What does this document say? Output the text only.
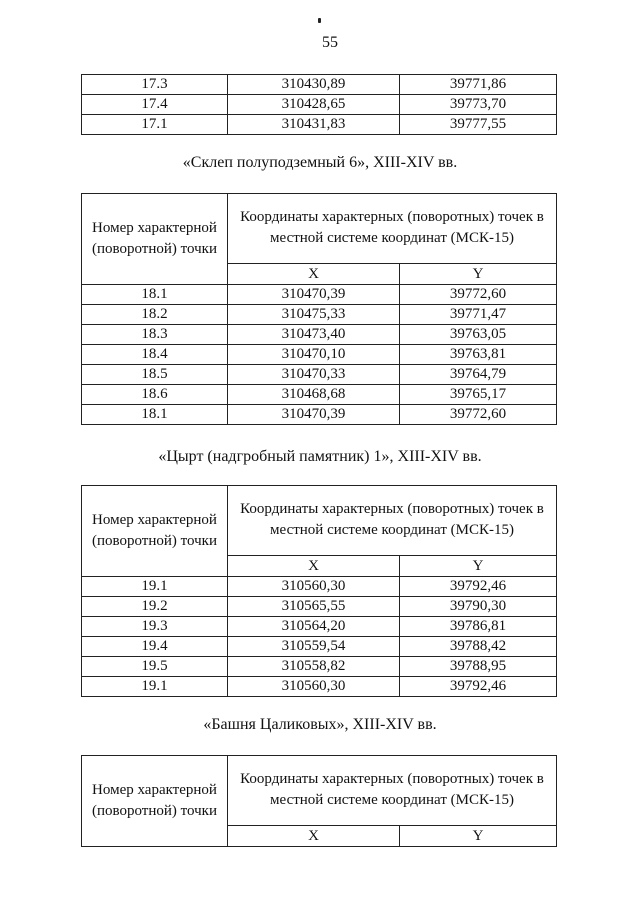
55
17.3	310430,89	39771,86
17.4	310428,65	39773,70
17.1	310431,83	39777,55
«Склеп полуподземный 6», XIII-XIV вв.
Номер характерной (поворотной) точки	Координаты характерных (поворотных) точек в местной системе координат (МСК-15)	
	X	Y
18.1	310470,39	39772,60
18.2	310475,33	39771,47
18.3	310473,40	39763,05
18.4	310470,10	39763,81
18.5	310470,33	39764,79
18.6	310468,68	39765,17
18.1	310470,39	39772,60
«Цырт (надгробный памятник) 1», XIII-XIV вв.
Номер характерной (поворотной) точки	Координаты характерных (поворотных) точек в местной системе координат (МСК-15)	
	X	Y
19.1	310560,30	39792,46
19.2	310565,55	39790,30
19.3	310564,20	39786,81
19.4	310559,54	39788,42
19.5	310558,82	39788,95
19.1	310560,30	39792,46
«Башня Цаликовых», XIII-XIV вв.
Номер характерной (поворотной) точки	Координаты характерных (поворотных) точек в местной системе координат (МСК-15)	
	X	Y
